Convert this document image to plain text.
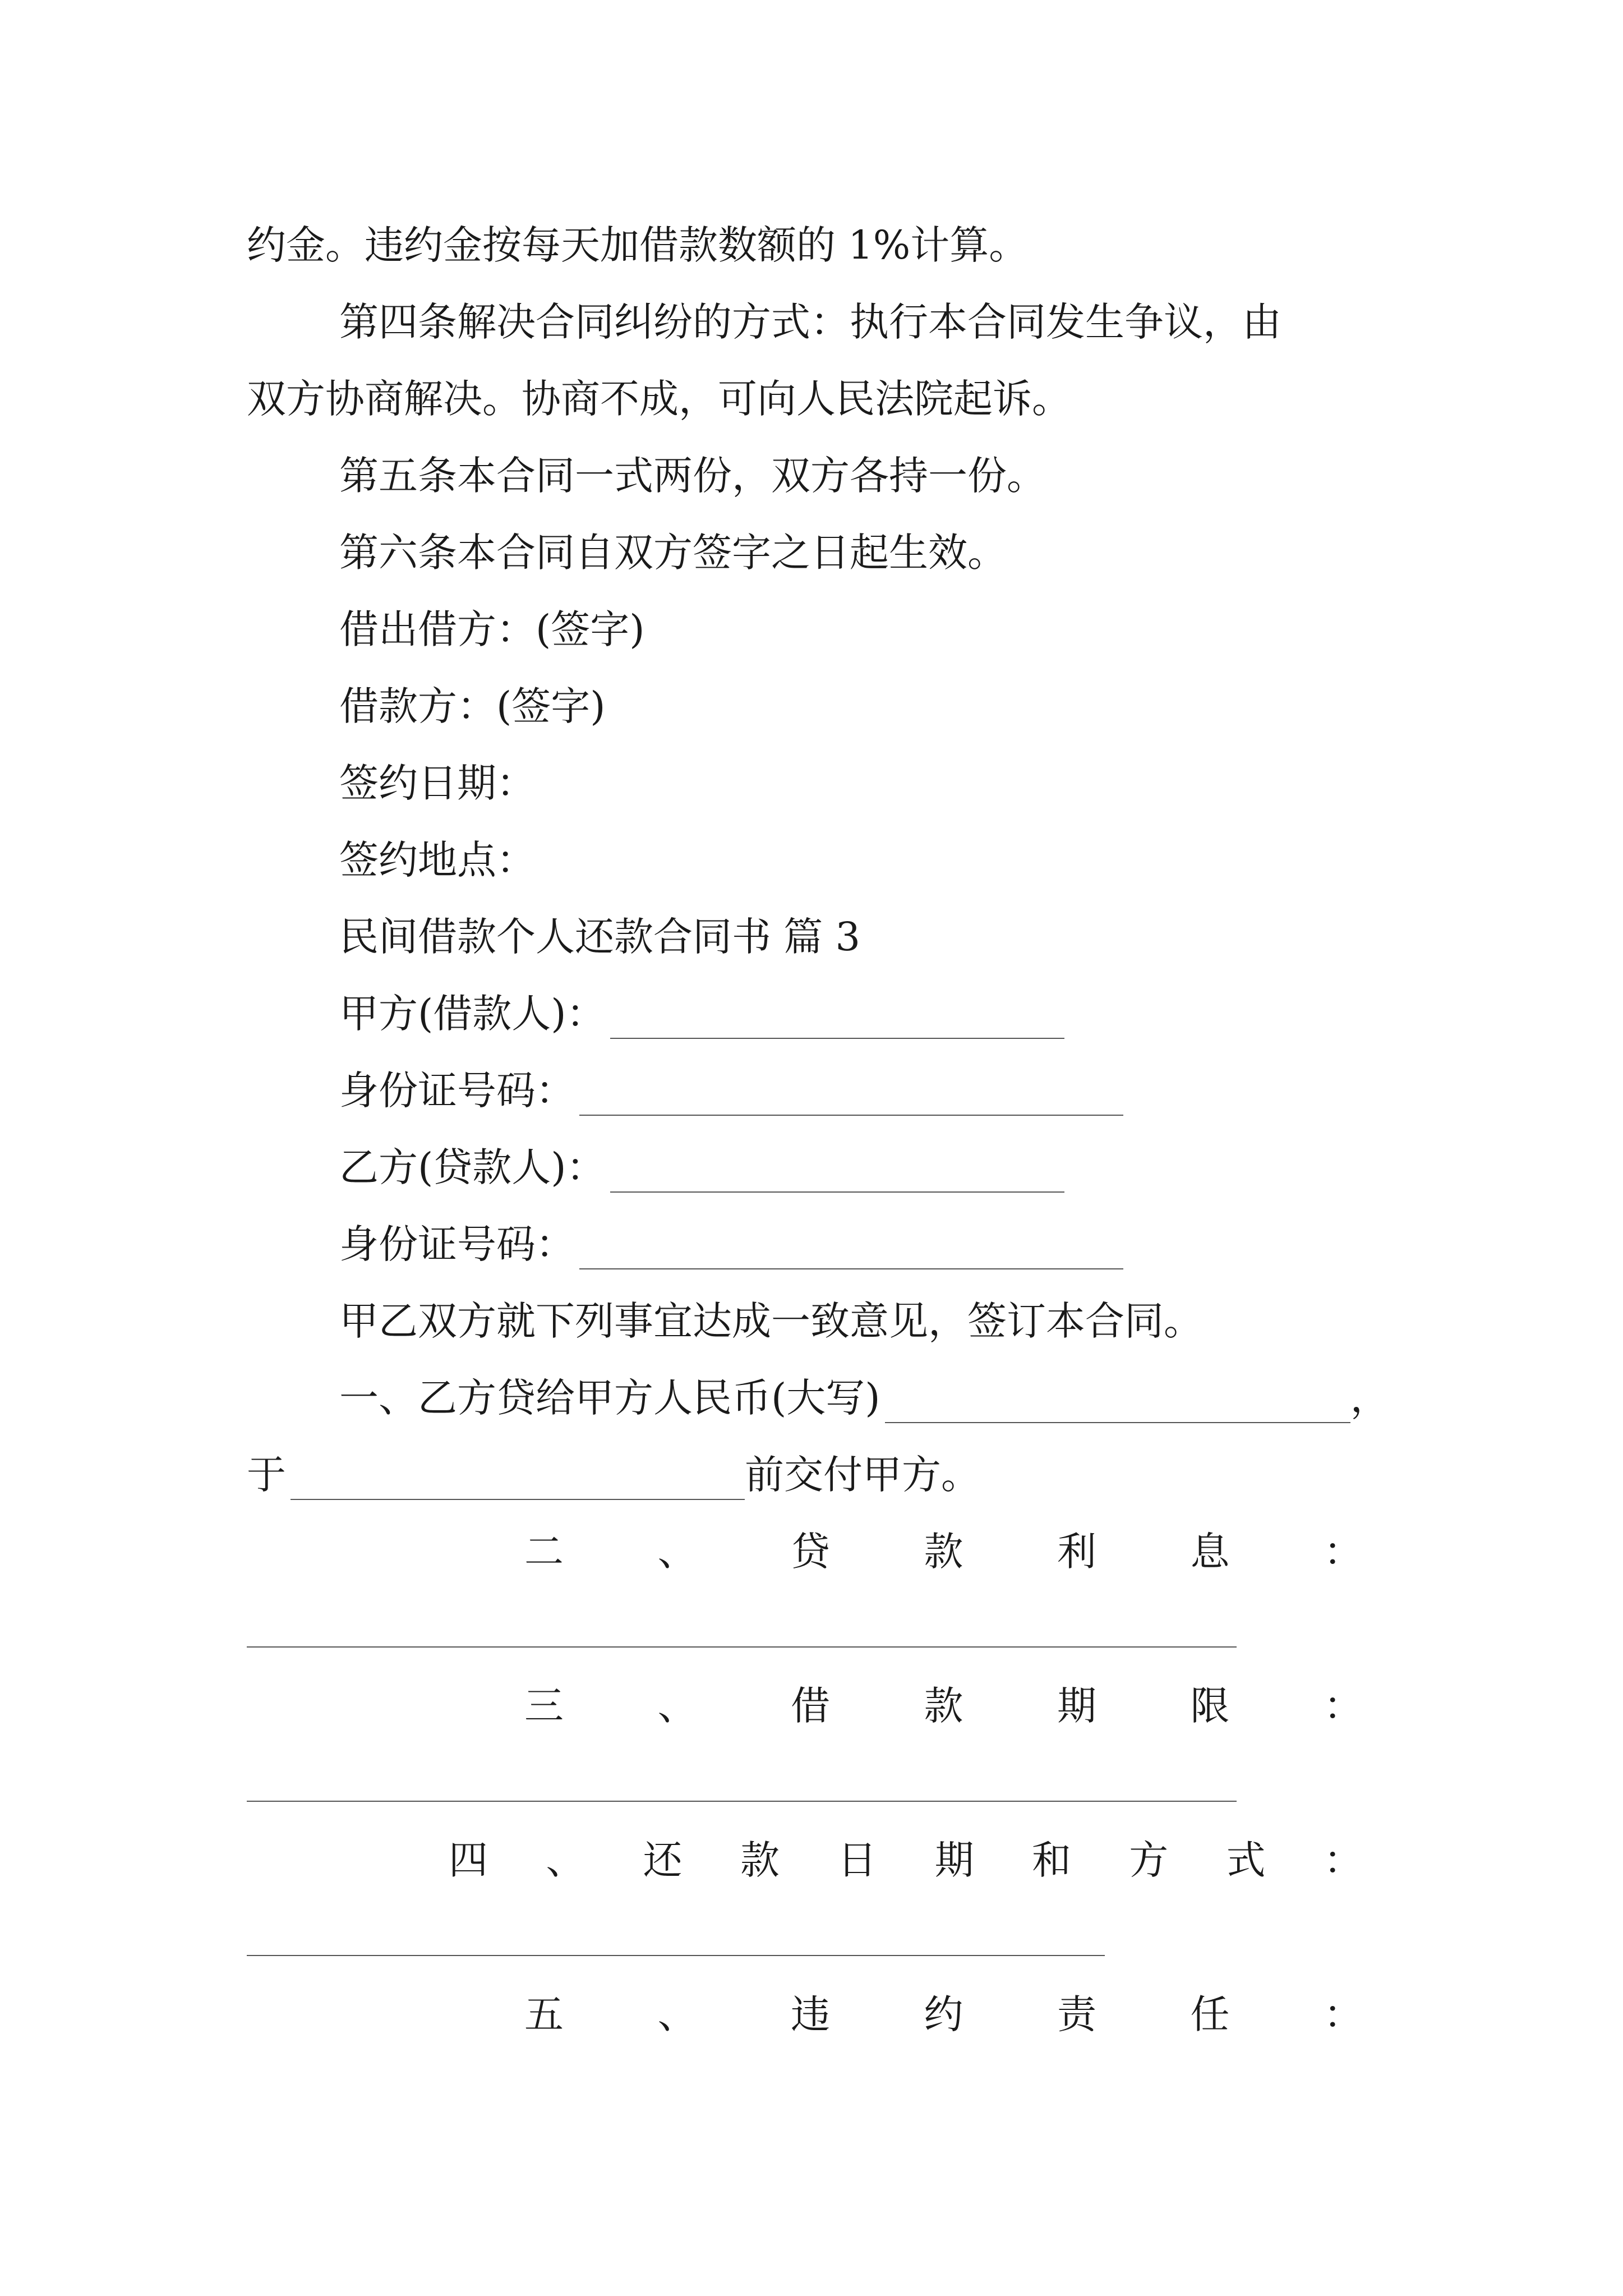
约金。违约金按每天加借款数额的 1%计算。
第四条解决合同纠纷的方式：执行本合同发生争议，由
双方协商解决。协商不成，可向人民法院起诉。
第五条本合同一式两份，双方各持一份。
第六条本合同自双方签字之日起生效。
借出借方：(签字)
借款方：(签字)
签约日期：
签约地点：
民间借款个人还款合同书 篇 3
甲方(借款人)：
身份证号码：
乙方(贷款人)：
身份证号码：
甲乙双方就下列事宜达成一致意见，签订本合同。
一、乙方贷给甲方人民币(大写)	，
于	前交付甲方。
二 、 贷 款 利 息 ：
三 、 借 款 期 限 ：
四 、 还 款 日 期 和 方 式 ：
五 、 违 约 责 任 ：
